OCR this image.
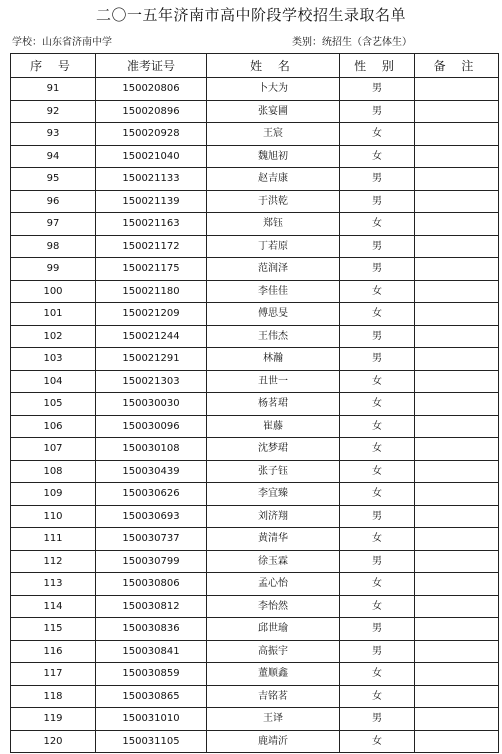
二〇一五年济南市高中阶段学校招生录取名单
学校：山东省济南中学	类别：统招生（含艺体生）
序 号	准考证号	姓 名	性 别	备 注
91	150020806	卜大为	男	
92	150020896	张宴圃	男	
93	150020928	王宸	女	
94	150021040	魏旭初	女	
95	150021133	赵吉康	男	
96	150021139	于洪乾	男	
97	150021163	郑钰	女	
98	150021172	丁若原	男	
99	150021175	范润泽	男	
100	150021180	李佳佳	女	
101	150021209	傅思旻	女	
102	150021244	王伟杰	男	
103	150021291	林瀚	男	
104	150021303	丑世一	女	
105	150030030	杨茗珺	女	
106	150030096	崔藤	女	
107	150030108	沈梦珺	女	
108	150030439	张子钰	女	
109	150030626	李宜臻	女	
110	150030693	刘济翔	男	
111	150030737	黄清华	女	
112	150030799	徐玉霖	男	
113	150030806	孟心怡	女	
114	150030812	李怡然	女	
115	150030836	邱世瑜	男	
116	150030841	高振宇	男	
117	150030859	董顺鑫	女	
118	150030865	吉铭茗	女	
119	150031010	王译	男	
120	150031105	鹿靖沂	女	
